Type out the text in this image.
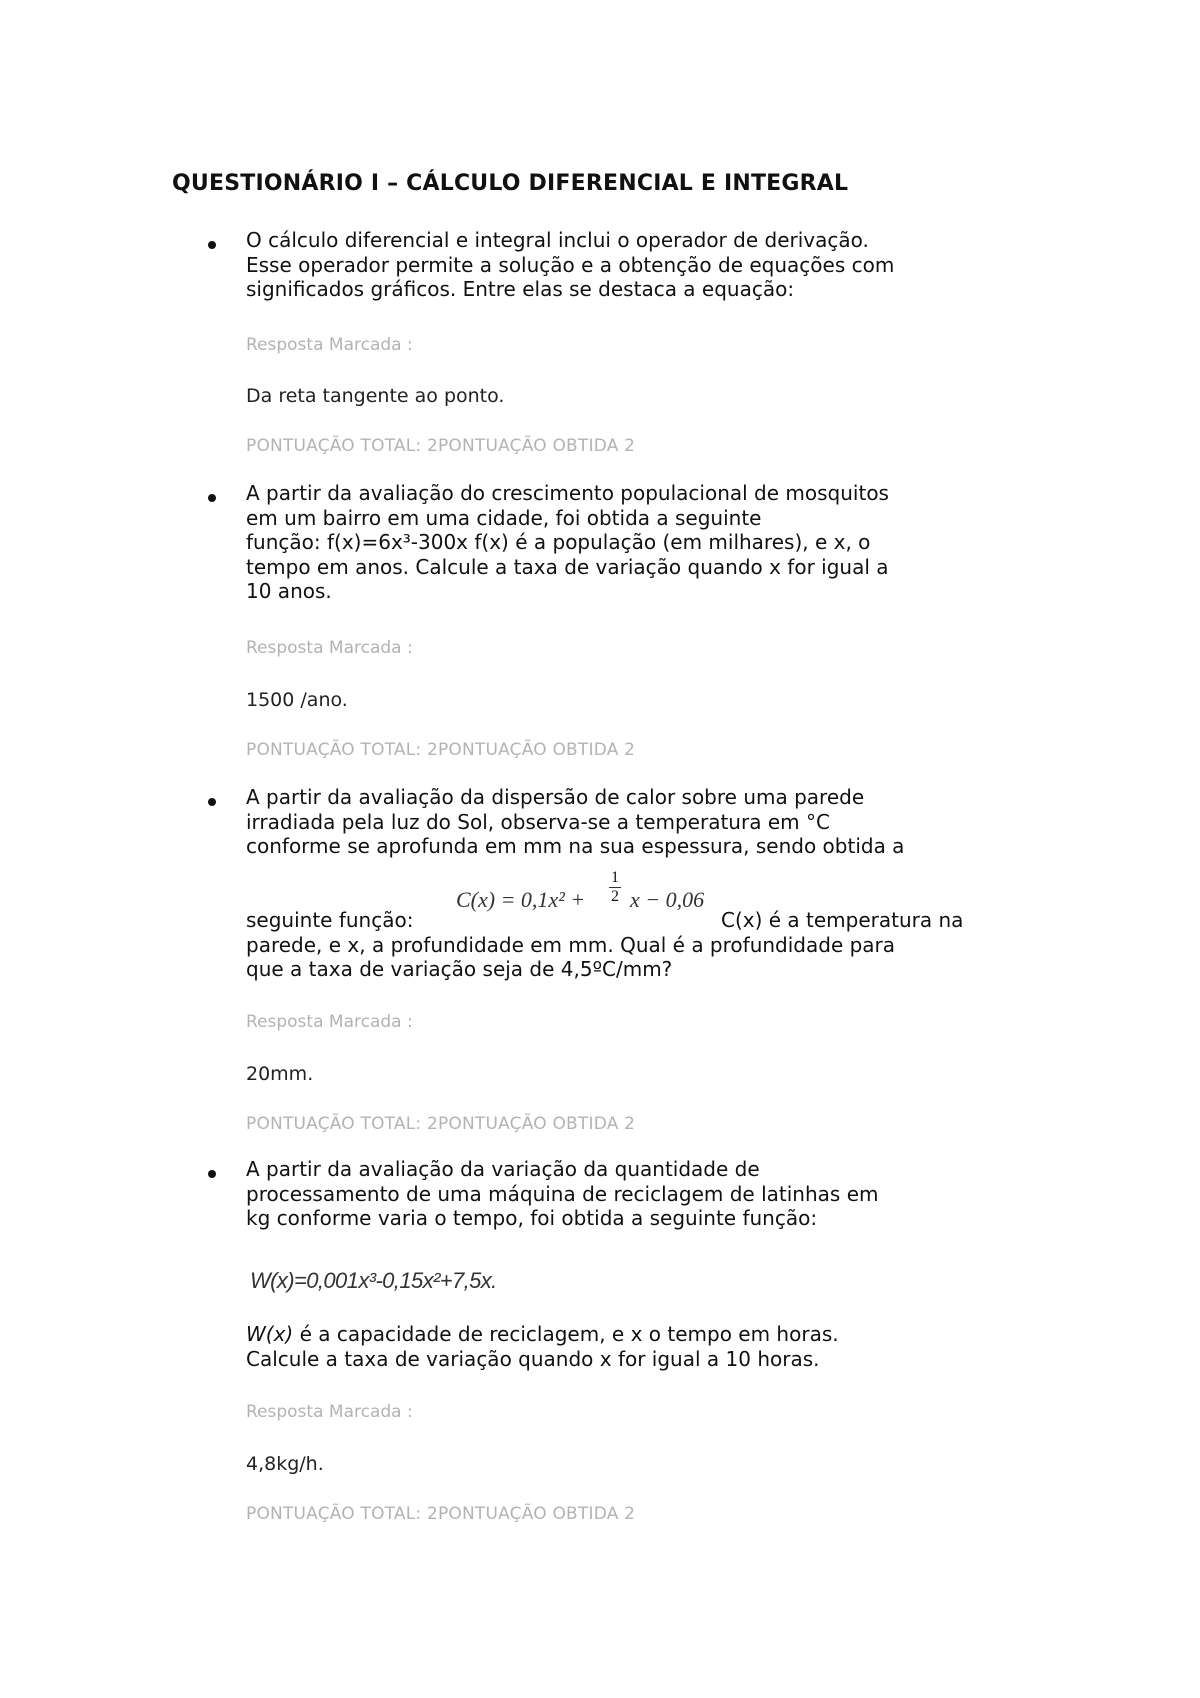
QUESTIONÁRIO I – CÁLCULO DIFERENCIAL E INTEGRAL
O cálculo diferencial e integral inclui o operador de derivação.
Esse operador permite a solução e a obtenção de equações com
significados gráficos. Entre elas se destaca a equação:
Resposta Marcada :
Da reta tangente ao ponto.
PONTUAÇÃO TOTAL: 2PONTUAÇÃO OBTIDA 2
A partir da avaliação do crescimento populacional de mosquitos
em um bairro em uma cidade, foi obtida a seguinte
função: f(x)=6x³-300x f(x) é a população (em milhares), e x, o
tempo em anos. Calcule a taxa de variação quando x for igual a
10 anos.
Resposta Marcada :
1500 /ano.
PONTUAÇÃO TOTAL: 2PONTUAÇÃO OBTIDA 2
A partir da avaliação da dispersão de calor sobre uma parede
irradiada pela luz do Sol, observa-se a temperatura em °C
conforme se aprofunda em mm na sua espessura, sendo obtida a
$C(x) = 0,1x^2 + \frac{1}{2}$ x − 0,06
seguinte função:	C(x) é a temperatura na
parede, e x, a profundidade em mm. Qual é a profundidade para
que a taxa de variação seja de 4,5ºC/mm?
Resposta Marcada :
20mm.
PONTUAÇÃO TOTAL: 2PONTUAÇÃO OBTIDA 2
A partir da avaliação da variação da quantidade de
processamento de uma máquina de reciclagem de latinhas em
kg conforme varia o tempo, foi obtida a seguinte função:
W(x)=0,001x³-0,15x²+7,5x.
W(x) é a capacidade de reciclagem, e x o tempo em horas.
Calcule a taxa de variação quando x for igual a 10 horas.
Resposta Marcada :
4,8kg/h.
PONTUAÇÃO TOTAL: 2PONTUAÇÃO OBTIDA 2
